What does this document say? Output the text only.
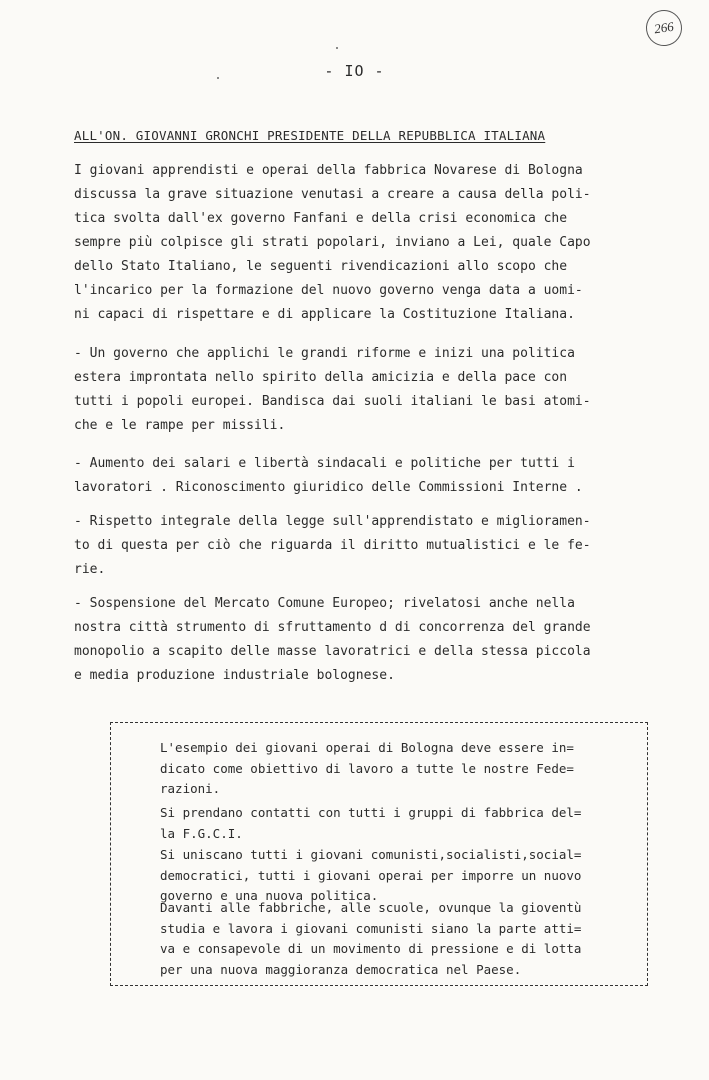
266
- IO -
ALL'ON. GIOVANNI GRONCHI PRESIDENTE DELLA REPUBBLICA ITALIANA

I giovani apprendisti e operai della fabbrica Novarese di Bologna
discussa la grave situazione venutasi a creare a causa della poli-
tica svolta dall'ex governo Fanfani e della crisi economica che
sempre più colpisce gli strati popolari, inviano a Lei, quale Capo
dello Stato Italiano, le seguenti rivendicazioni allo scopo che
l'incarico per la formazione del nuovo governo venga data a uomi-
ni capaci di rispettare e di applicare la Costituzione Italiana.

- Un governo che applichi le grandi riforme e inizi una politica
estera improntata nello spirito della amicizia e della pace con
tutti i popoli europei. Bandisca dai suoli italiani le basi atomi-
che e le rampe per missili.

- Aumento dei salari e libertà sindacali e politiche per tutti i
lavoratori . Riconoscimento giuridico delle Commissioni Interne .

- Rispetto integrale della legge sull'apprendistato e miglioramen-
to di questa per ciò che riguarda il diritto mutualistici e le fe-
rie.

- Sospensione del Mercato Comune Europeo; rivelatosi anche nella
nostra città strumento di sfruttamento d di concorrenza del grande
monopolio a scapito delle masse lavoratrici e della stessa piccola
e media produzione industriale bolognese.

L'esempio dei giovani operai di Bologna deve essere in=
dicato come obiettivo di lavoro a tutte le nostre Fede=
razioni.

Si prendano contatti con tutti i gruppi di fabbrica del=
la F.G.C.I.

Si uniscano tutti i giovani comunisti,socialisti,social=
democratici, tutti i giovani operai per imporre un nuovo
governo e una nuova politica.

Davanti alle fabbriche, alle scuole, ovunque la gioventù
studia e lavora i giovani comunisti siano la parte atti=
va e consapevole di un movimento di pressione e di lotta
per una nuova maggioranza democratica nel Paese.
